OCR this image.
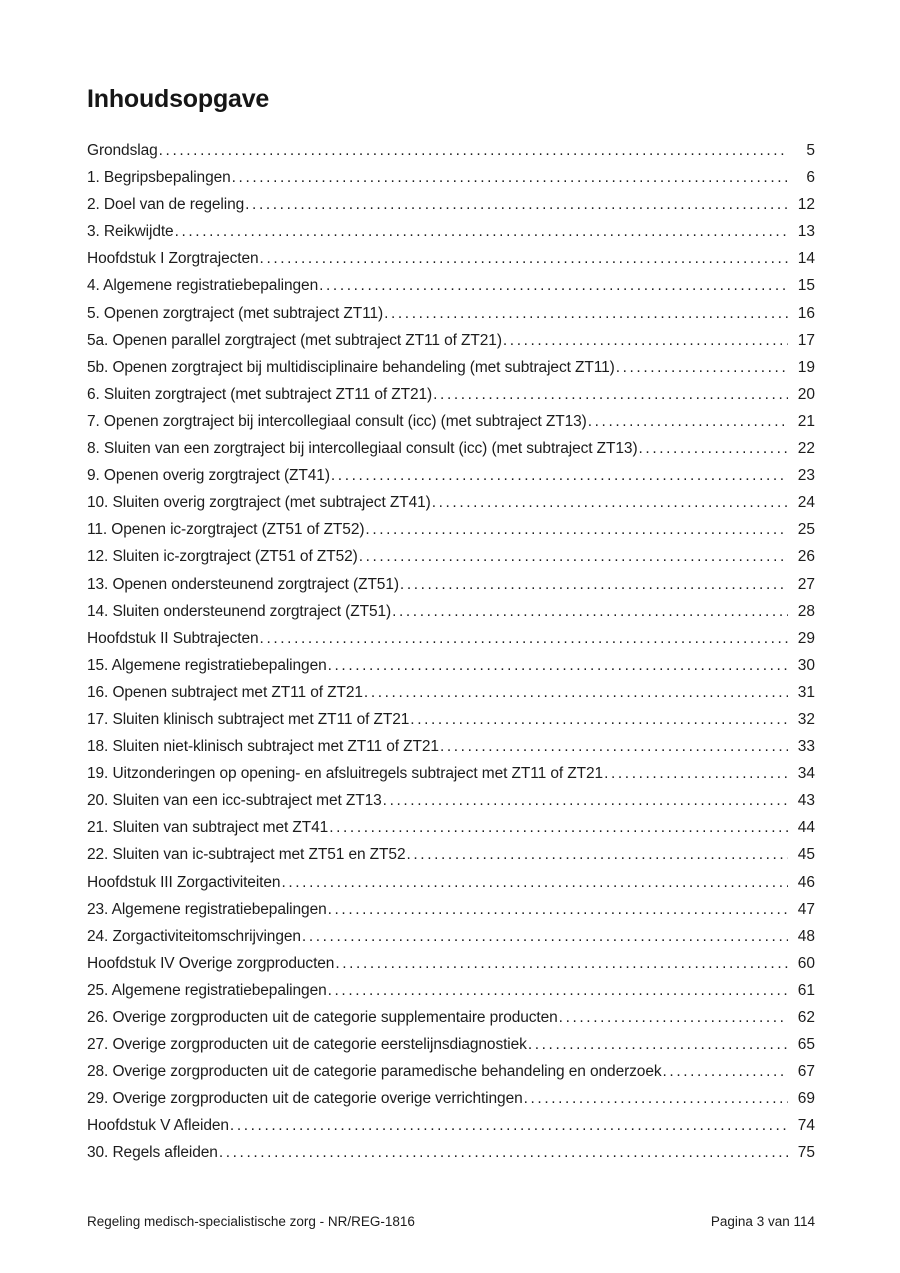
Inhoudsopgave
Grondslag .....	5
1. Begripsbepalingen .....	6
2. Doel van de regeling .....	12
3. Reikwijdte .....	13
Hoofdstuk I Zorgtrajecten .....	14
4. Algemene registratiebepalingen .....	15
5. Openen zorgtraject (met subtraject ZT11) .....	16
5a. Openen parallel zorgtraject (met subtraject ZT11 of ZT21) .....	17
5b. Openen zorgtraject bij multidisciplinaire behandeling (met subtraject ZT11) .....	19
6. Sluiten zorgtraject (met subtraject ZT11 of ZT21) .....	20
7. Openen zorgtraject bij intercollegiaal consult (icc) (met subtraject ZT13) .....	21
8. Sluiten van een zorgtraject bij intercollegiaal consult (icc) (met subtraject ZT13) .....	22
9. Openen overig zorgtraject (ZT41) .....	23
10. Sluiten overig zorgtraject (met subtraject ZT41) .....	24
11. Openen ic-zorgtraject (ZT51 of ZT52) .....	25
12. Sluiten ic-zorgtraject (ZT51 of ZT52) .....	26
13. Openen ondersteunend zorgtraject (ZT51) .....	27
14. Sluiten ondersteunend zorgtraject (ZT51) .....	28
Hoofdstuk II Subtrajecten .....	29
15. Algemene registratiebepalingen .....	30
16. Openen subtraject met ZT11 of ZT21 .....	31
17. Sluiten klinisch subtraject met ZT11 of ZT21 .....	32
18. Sluiten niet-klinisch subtraject met ZT11 of ZT21 .....	33
19. Uitzonderingen op opening- en afsluitregels subtraject met ZT11 of ZT21 .....	34
20. Sluiten van een icc-subtraject met ZT13 .....	43
21. Sluiten van subtraject met ZT41 .....	44
22. Sluiten van ic-subtraject met ZT51 en ZT52 .....	45
Hoofdstuk III Zorgactiviteiten .....	46
23. Algemene registratiebepalingen .....	47
24. Zorgactiviteitomschrijvingen .....	48
Hoofdstuk IV Overige zorgproducten .....	60
25. Algemene registratiebepalingen .....	61
26. Overige zorgproducten uit de categorie supplementaire producten .....	62
27. Overige zorgproducten uit de categorie eerstelijnsdiagnostiek .....	65
28. Overige zorgproducten uit de categorie paramedische behandeling en onderzoek .....	67
29. Overige zorgproducten uit de categorie overige verrichtingen .....	69
Hoofdstuk V Afleiden .....	74
30. Regels afleiden .....	75
Regeling medisch-specialistische zorg - NR/REG-1816	Pagina 3 van 114
